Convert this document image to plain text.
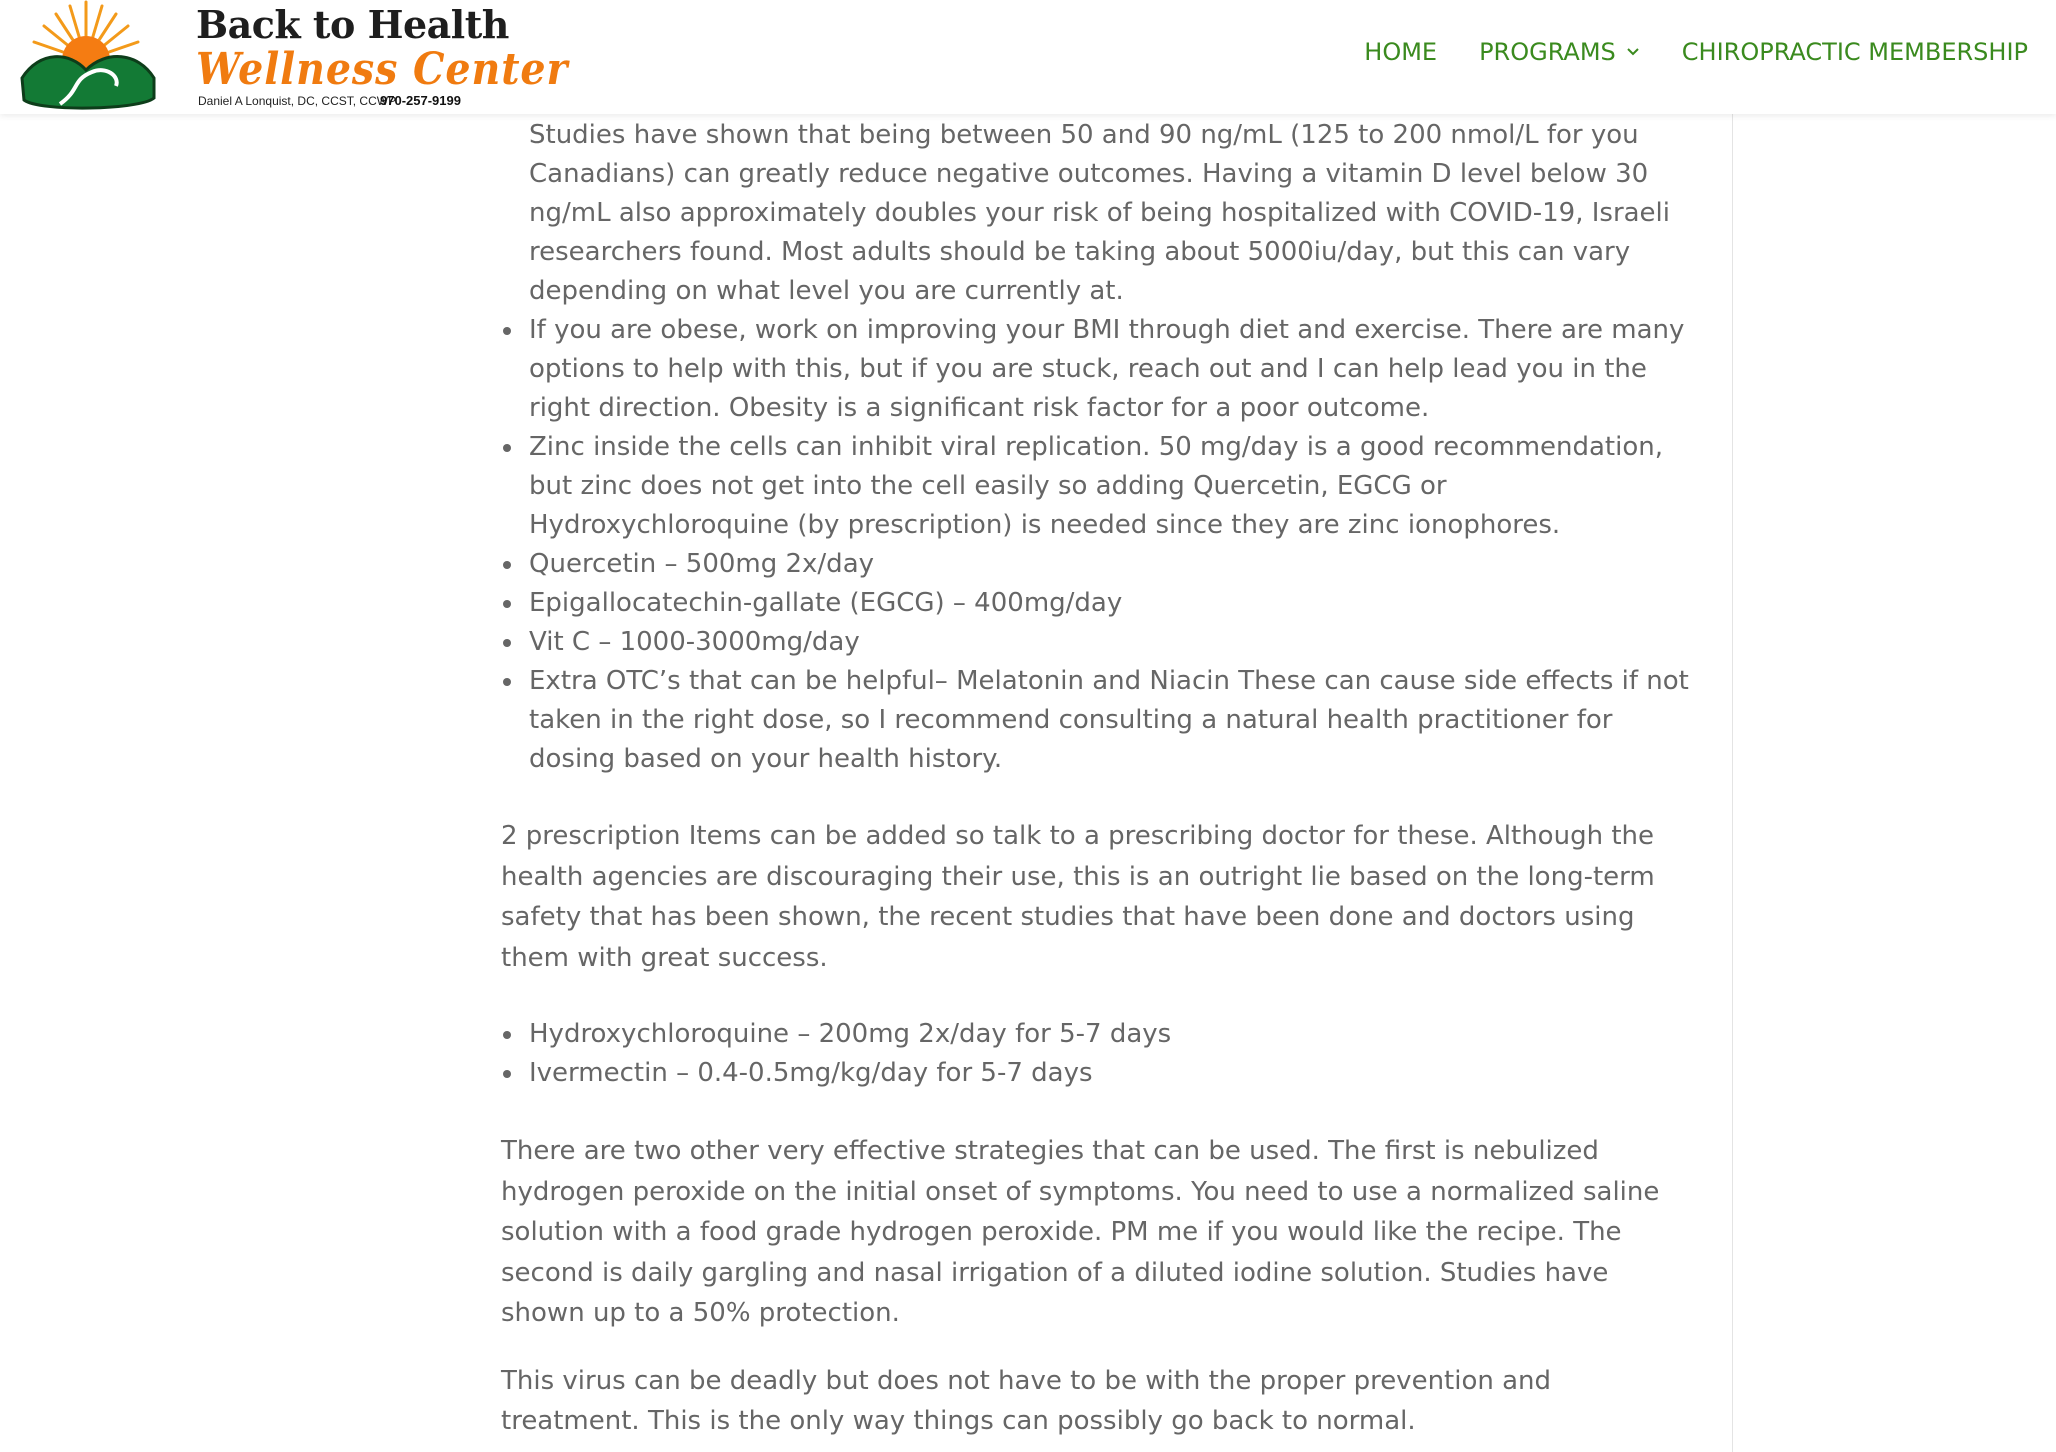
Back to Health
Wellness Center
Daniel A Lonquist, DC, CCST, CCWP
970-257-9199
HOME PROGRAMS	CHIROPRACTIC MEMBERSHIP
Studies have shown that being between 50 and 90 ng/mL (125 to 200 nmol/L for you Canadians) can greatly reduce negative outcomes. Having a vitamin D level below 30 ng/mL also approximately doubles your risk of being hospitalized with COVID-19, Israeli researchers found. Most adults should be taking about 5000iu/day, but this can vary depending on what level you are currently at.
If you are obese, work on improving your BMI through diet and exercise. There are many options to help with this, but if you are stuck, reach out and I can help lead you in the right direction. Obesity is a significant risk factor for a poor outcome.
Zinc inside the cells can inhibit viral replication. 50 mg/day is a good recommendation, but zinc does not get into the cell easily so adding Quercetin, EGCG or Hydroxychloroquine (by prescription) is needed since they are zinc ionophores.
Quercetin – 500mg 2x/day
Epigallocatechin-gallate (EGCG) – 400mg/day
Vit C – 1000-3000mg/day
Extra OTC’s that can be helpful– Melatonin and Niacin These can cause side effects if not taken in the right dose, so I recommend consulting a natural health practitioner for dosing based on your health history.

2 prescription Items can be added so talk to a prescribing doctor for these. Although the health agencies are discouraging their use, this is an outright lie based on the long-term safety that has been shown, the recent studies that have been done and doctors using them with great success.

Hydroxychloroquine – 200mg 2x/day for 5-7 days
Ivermectin – 0.4-0.5mg/kg/day for 5-7 days

There are two other very effective strategies that can be used. The first is nebulized hydrogen peroxide on the initial onset of symptoms. You need to use a normalized saline solution with a food grade hydrogen peroxide. PM me if you would like the recipe. The second is daily gargling and nasal irrigation of a diluted iodine solution. Studies have shown up to a 50% protection.

This virus can be deadly but does not have to be with the proper prevention and treatment. This is the only way things can possibly go back to normal.
